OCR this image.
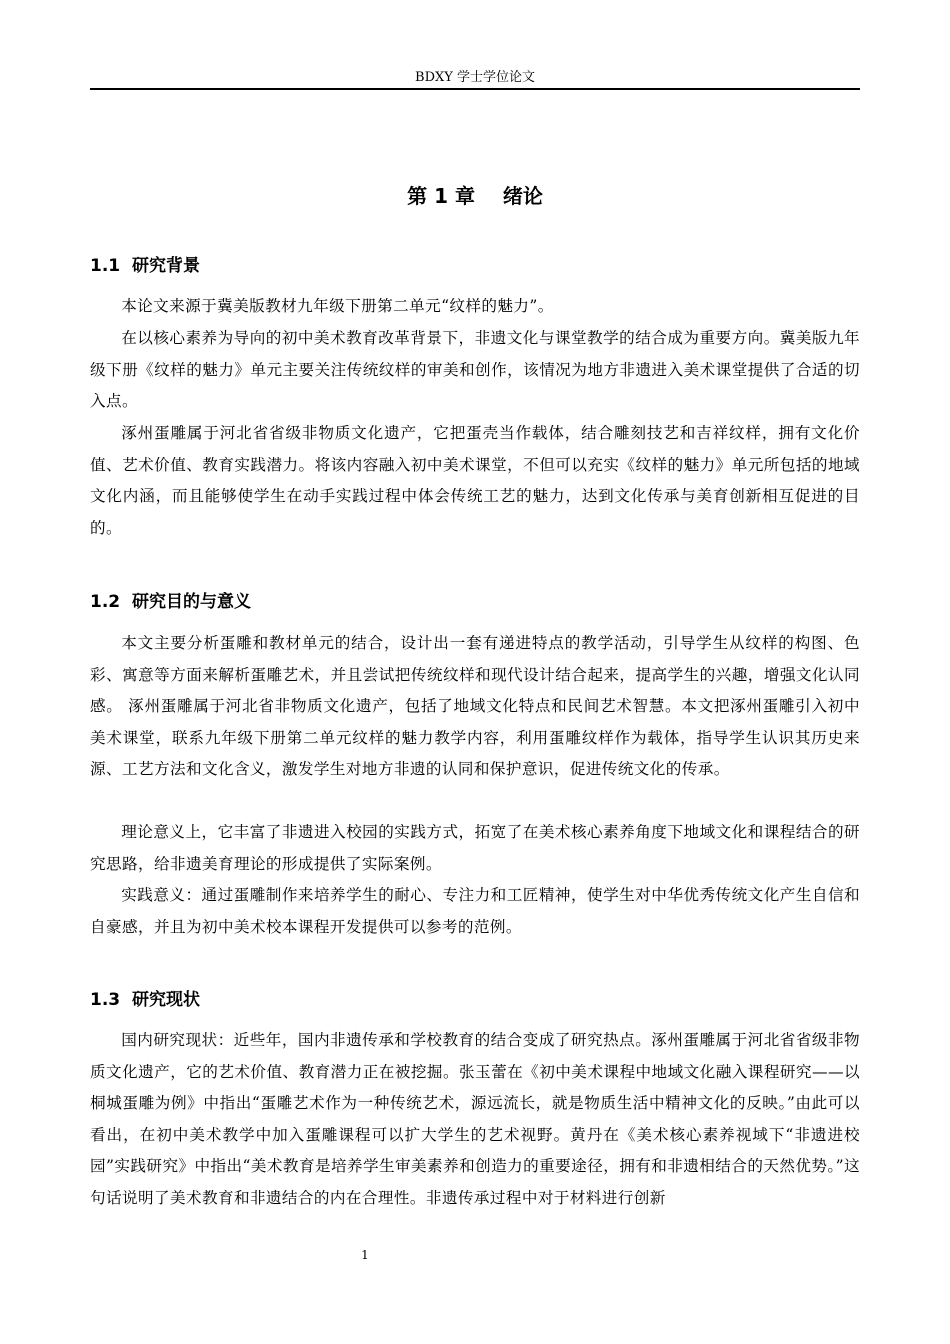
BDXY 学士学位论文
第 1 章    绪论
1.1  研究背景

本论文来源于冀美版教材九年级下册第二单元“纹样的魅力”。

在以核心素养为导向的初中美术教育改革背景下，非遗文化与课堂教学的结合成为重要方向。冀美版九年级下册《纹样的魅力》单元主要关注传统纹样的审美和创作，该情况为地方非遗进入美术课堂提供了合适的切入点。

涿州蛋雕属于河北省省级非物质文化遗产，它把蛋壳当作载体，结合雕刻技艺和吉祥纹样，拥有文化价值、艺术价值、教育实践潜力。将该内容融入初中美术课堂，不但可以充实《纹样的魅力》单元所包括的地域文化内涵，而且能够使学生在动手实践过程中体会传统工艺的魅力，达到文化传承与美育创新相互促进的目的。

1.2  研究目的与意义

本文主要分析蛋雕和教材单元的结合，设计出一套有递进特点的教学活动，引导学生从纹样的构图、色彩、寓意等方面来解析蛋雕艺术，并且尝试把传统纹样和现代设计结合起来，提高学生的兴趣，增强文化认同感。 涿州蛋雕属于河北省非物质文化遗产，包括了地域文化特点和民间艺术智慧。本文把涿州蛋雕引入初中美术课堂，联系九年级下册第二单元纹样的魅力教学内容，利用蛋雕纹样作为载体，指导学生认识其历史来源、工艺方法和文化含义，激发学生对地方非遗的认同和保护意识，促进传统文化的传承。

理论意义上，它丰富了非遗进入校园的实践方式，拓宽了在美术核心素养角度下地域文化和课程结合的研究思路，给非遗美育理论的形成提供了实际案例。

实践意义：通过蛋雕制作来培养学生的耐心、专注力和工匠精神，使学生对中华优秀传统文化产生自信和自豪感，并且为初中美术校本课程开发提供可以参考的范例。

1.3  研究现状

国内研究现状：近些年，国内非遗传承和学校教育的结合变成了研究热点。涿州蛋雕属于河北省省级非物质文化遗产，它的艺术价值、教育潜力正在被挖掘。张玉蕾在《初中美术课程中地域文化融入课程研究——以桐城蛋雕为例》中指出“蛋雕艺术作为一种传统艺术，源远流长，就是物质生活中精神文化的反映。”由此可以看出，在初中美术教学中加入蛋雕课程可以扩大学生的艺术视野。黄丹在《美术核心素养视域下“非遗进校园”实践研究》中指出“美术教育是培养学生审美素养和创造力的重要途径，拥有和非遗相结合的天然优势。”这句话说明了美术教育和非遗结合的内在合理性。非遗传承过程中对于材料进行创新

1
